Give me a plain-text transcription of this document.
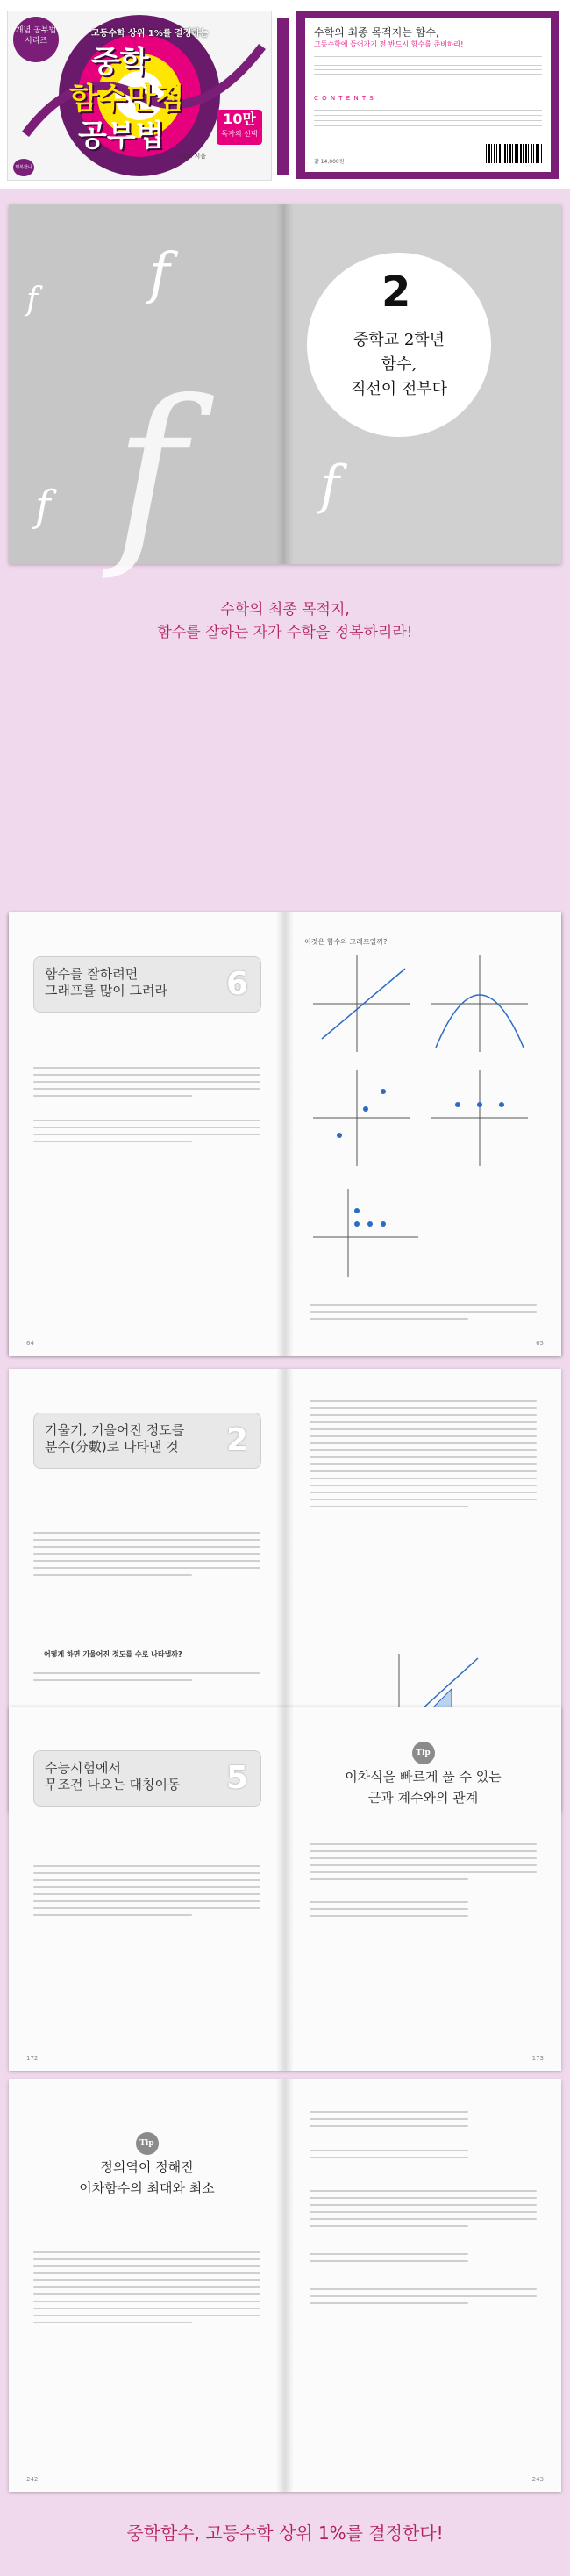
개념 공부법 시리즈
고등수학 상위 1%를 결정하는
중학
함수만점
공부법
조안호 지음
10만
독자의 선택
행복한나무
수학의 최종 목적지는 함수,
고등수학에 들어가기 전 반드시 함수를 준비하라!
C O N T E N T S
값 14,000원
f f
f f	f
2
중학교 2학년
함수,
직선이 전부다
수학의 최종 목적지,
함수를 잘하는 자가 수학을 정복하리라!
함수를 잘하려면
그래프를 많이 그려라 6
64
이것은 함수의 그래프일까?
65
기울기, 기울어진 정도를
분수(分數)로 나타낸 것 2
어떻게 하면 기울어진 정도를 수로 나타낼까?
수능시험에서
무조건 나오는 대칭이동 5
172
Tip
이차식을 빠르게 풀 수 있는
근과 계수와의 관계
173
Tip
정의역이 정해진
이차함수의 최대와 최소
242	243
중학함수, 고등수학 상위 1%를 결정한다!
